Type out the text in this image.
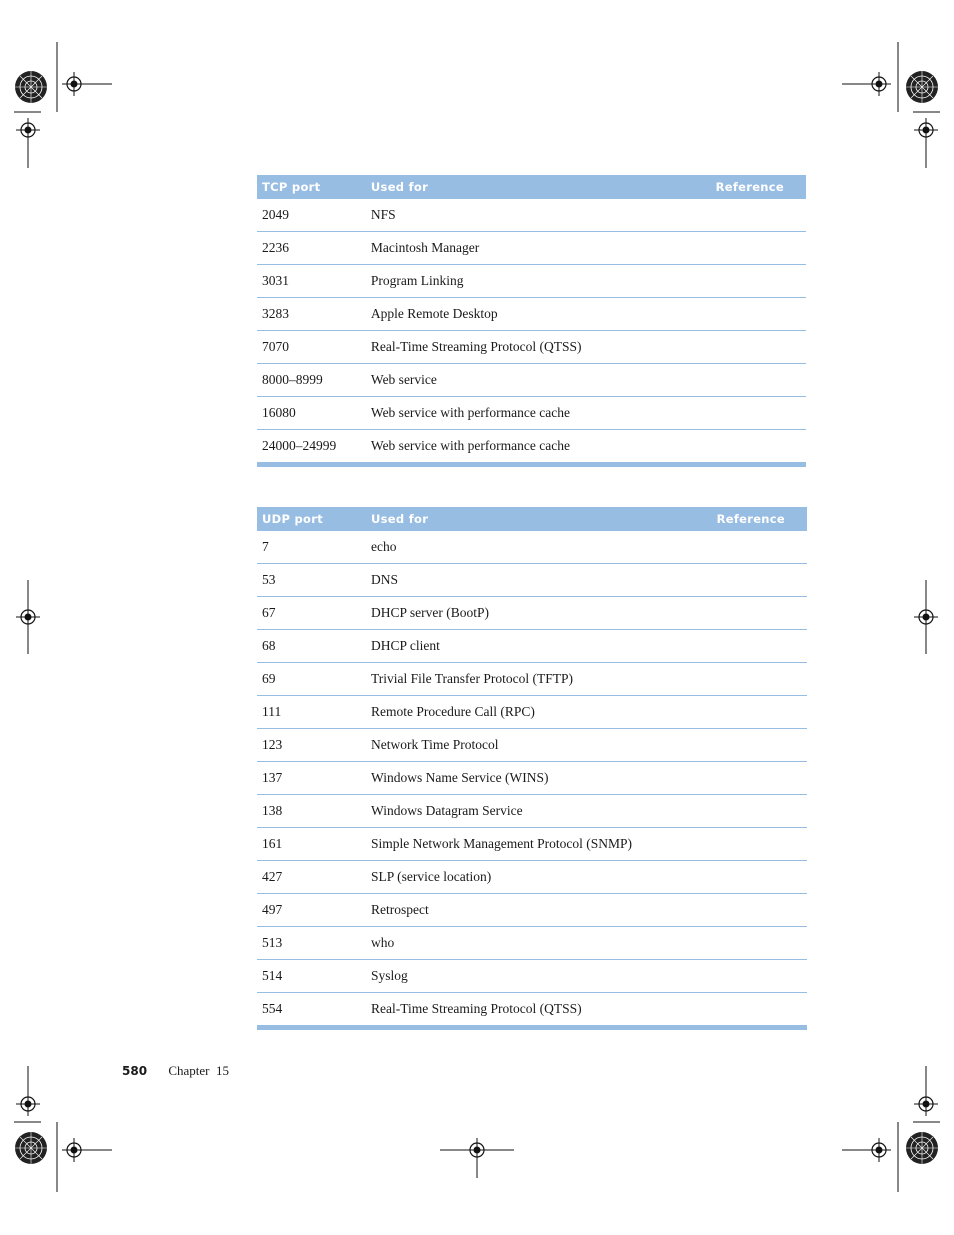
TCP port	Used for	Reference
2049	NFS	
2236	Macintosh Manager	
3031	Program Linking	
3283	Apple Remote Desktop	
7070	Real-Time Streaming Protocol (QTSS)	
8000–8999	Web service	
16080	Web service with performance cache	
24000–24999	Web service with performance cache	
UDP port	Used for	Reference
7	echo	
53	DNS	
67	DHCP server (BootP)	
68	DHCP client	
69	Trivial File Transfer Protocol (TFTP)	
111	Remote Procedure Call (RPC)	
123	Network Time Protocol	
137	Windows Name Service (WINS)	
138	Windows Datagram Service	
161	Simple Network Management Protocol (SNMP)	
427	SLP (service location)	
497	Retrospect	
513	who	
514	Syslog	
554	Real-Time Streaming Protocol (QTSS)	
580 Chapter  15
